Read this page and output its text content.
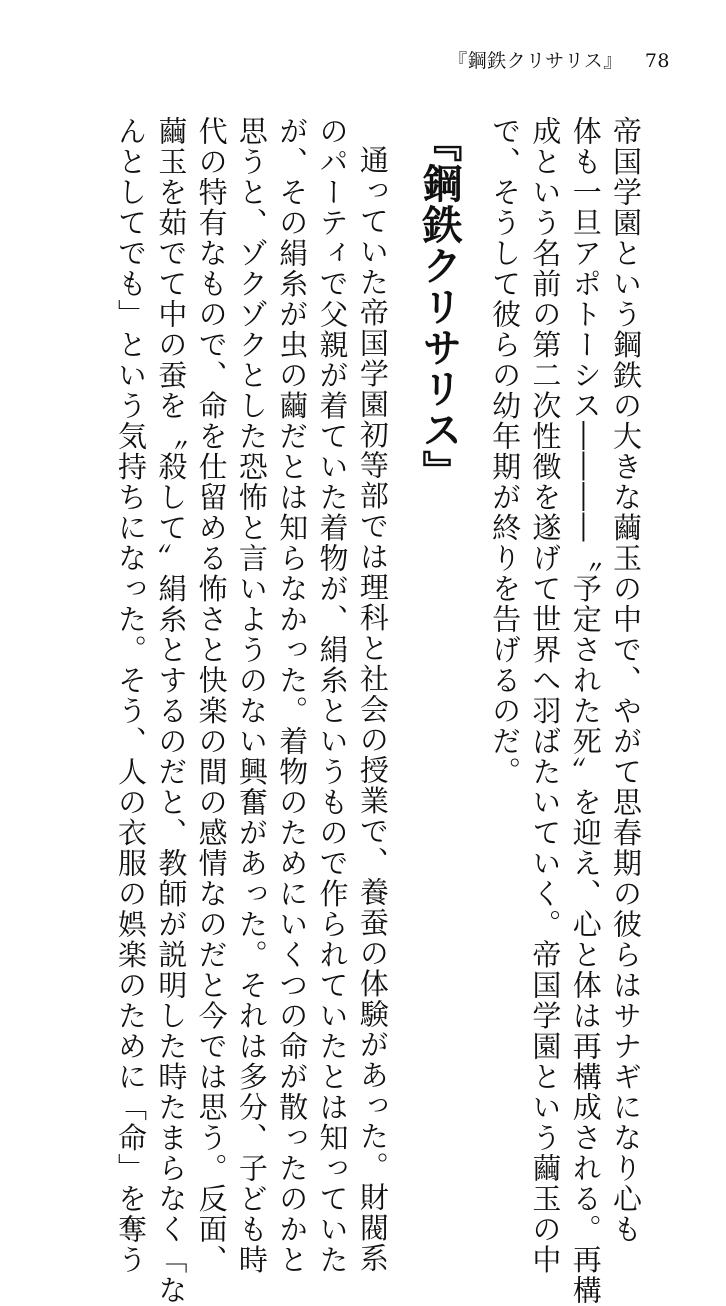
『鋼鉄クリサリス』 78
帝国学園という鋼鉄の大きな繭玉の中で、やがて思春期の彼らはサナギになり心も
体も一旦アポトーシス――――〝予定された死〟を迎え、心と体は再構成される。再構
成という名前の第二次性徴を遂げて世界へ羽ばたいていく。帝国学園という繭玉の中
で、そうして彼らの幼年期が終りを告げるのだ。
『鋼鉄クリサリス』
通っていた帝国学園初等部では理科と社会の授業で、養蚕の体験があった。財閥系
のパーティで父親が着ていた着物が、絹糸というもので作られていたとは知っていた
が、その絹糸が虫の繭だとは知らなかった。着物のためにいくつの命が散ったのかと
思うと、ゾクゾクとした恐怖と言いようのない興奮があった。それは多分、子ども時
代の特有なもので、命を仕留める怖さと快楽の間の感情なのだと今では思う。反面、
繭玉を茹でて中の蚕を〝殺して〟絹糸とするのだと、教師が説明した時たまらなく「な
んとしてでも」という気持ちになった。そう、人の衣服の娯楽のために「命」を奪う
